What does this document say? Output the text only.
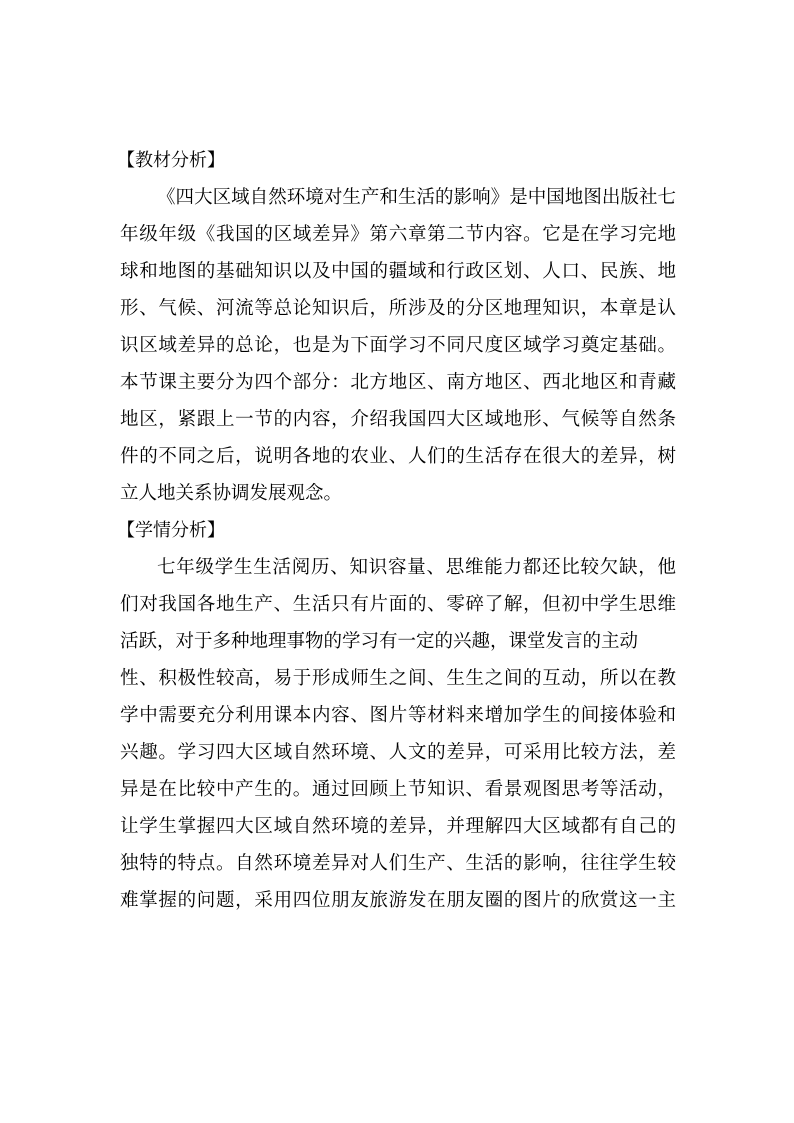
【教材分析】
《四大区域自然环境对生产和生活的影响》是中国地图出版社七
年级年级《我国的区域差异》第六章第二节内容。它是在学习完地
球和地图的基础知识以及中国的疆域和行政区划、人口、民族、地
形、气候、河流等总论知识后，所涉及的分区地理知识，本章是认
识区域差异的总论，也是为下面学习不同尺度区域学习奠定基础。
本节课主要分为四个部分：北方地区、南方地区、西北地区和青藏
地区，紧跟上一节的内容，介绍我国四大区域地形、气候等自然条
件的不同之后，说明各地的农业、人们的生活存在很大的差异，树
立人地关系协调发展观念。
【学情分析】
七年级学生生活阅历、知识容量、思维能力都还比较欠缺，他
们对我国各地生产、生活只有片面的、零碎了解，但初中学生思维
活跃，对于多种地理事物的学习有一定的兴趣，课堂发言的主动
性、积极性较高，易于形成师生之间、生生之间的互动，所以在教
学中需要充分利用课本内容、图片等材料来增加学生的间接体验和
兴趣。学习四大区域自然环境、人文的差异，可采用比较方法，差
异是在比较中产生的。通过回顾上节知识、看景观图思考等活动，
让学生掌握四大区域自然环境的差异，并理解四大区域都有自己的
独特的特点。自然环境差异对人们生产、生活的影响，往往学生较
难掌握的问题，采用四位朋友旅游发在朋友圈的图片的欣赏这一主
